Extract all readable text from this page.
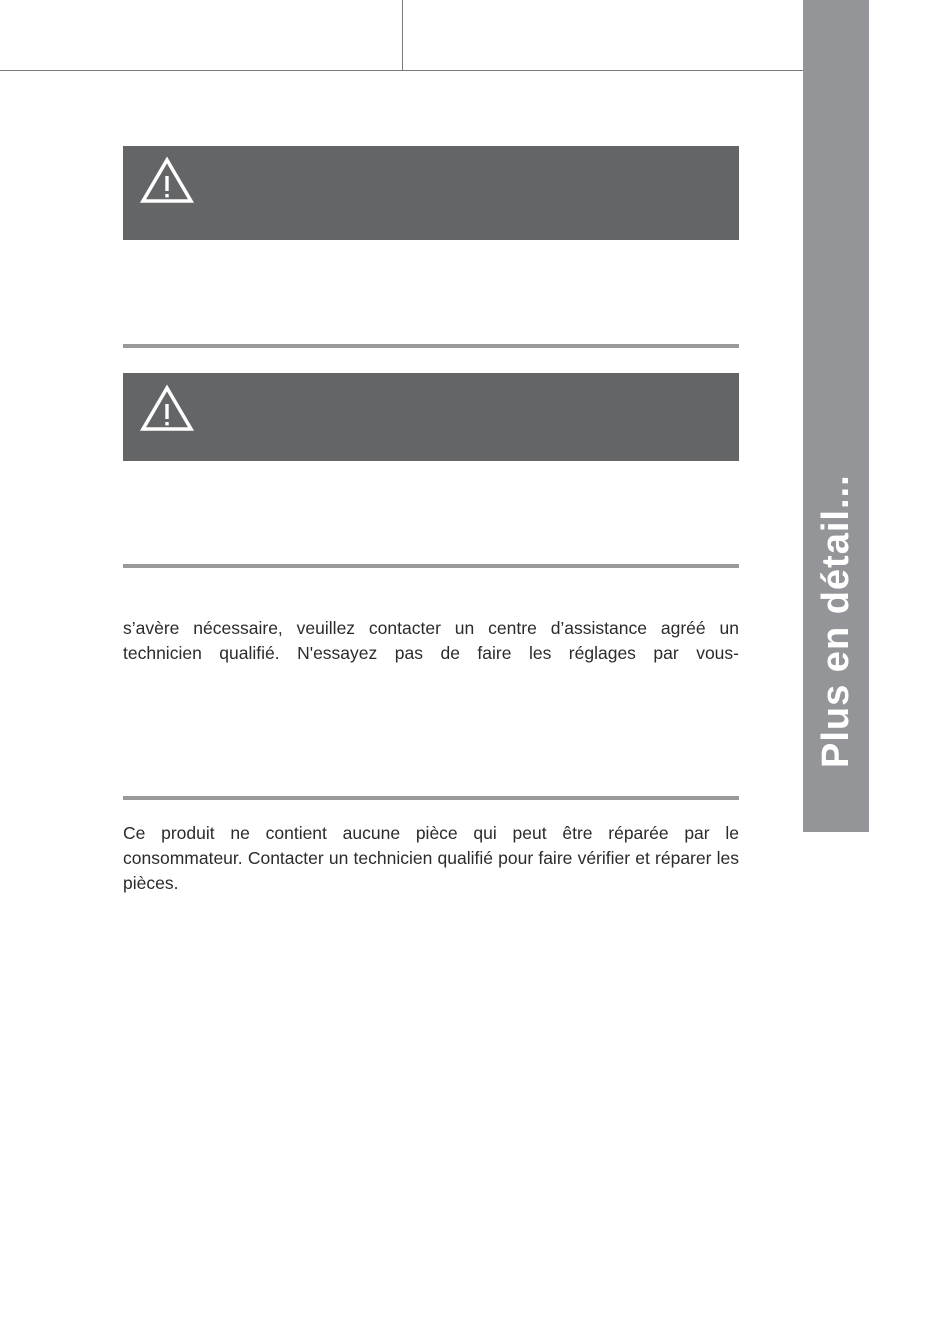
Plus en détail...

s’avère nécessaire, veuillez contacter un centre d’assistance agréé un technicien qualifié. N'essayez pas de faire les réglages par vous-

Ce produit ne contient aucune pièce qui peut être réparée par le consommateur. Contacter un technicien qualifié pour faire vérifier et réparer les pièces.
